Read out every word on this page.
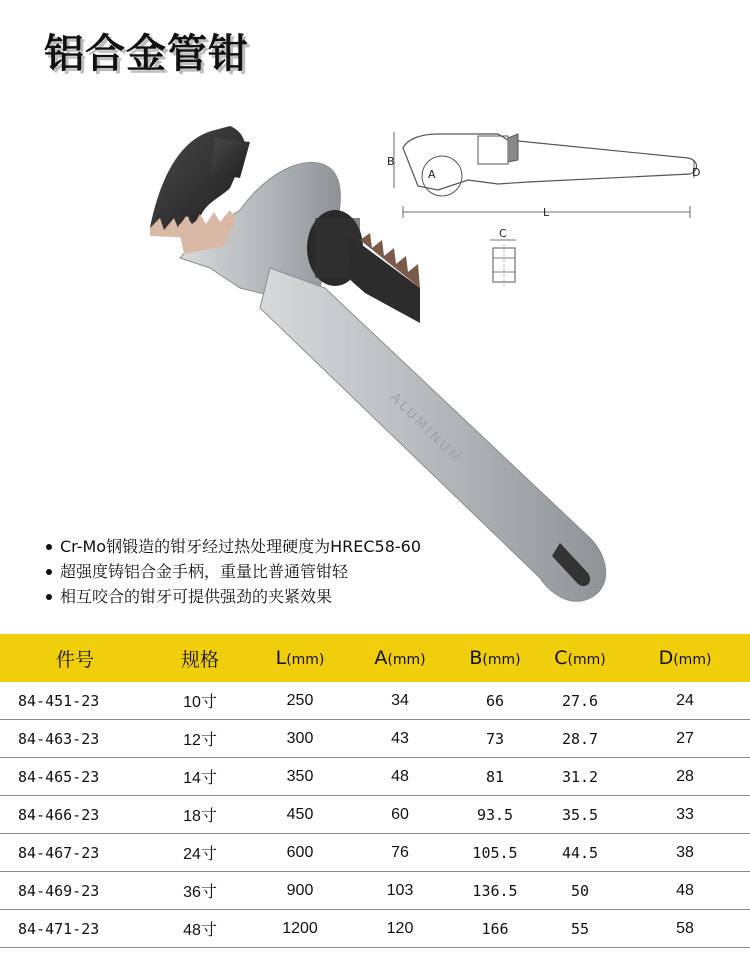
铝合金管钳
ALUMINUM
B
A	D
L
C
Cr-Mo钢锻造的钳牙经过热处理硬度为HREC58-60
超强度铸铝合金手柄，重量比普通管钳轻
相互咬合的钳牙可提供强劲的夹紧效果
件号	规格	L(mm)	A(mm)	B(mm)	C(mm)	D(mm)
84-451-23	10寸	250	34	66	27.6	24
84-463-23	12寸	300	43	73	28.7	27
84-465-23	14寸	350	48	81	31.2	28
84-466-23	18寸	450	60	93.5	35.5	33
84-467-23	24寸	600	76	105.5	44.5	38
84-469-23	36寸	900	103	136.5	50	48
84-471-23	48寸	1200	120	166	55	58
